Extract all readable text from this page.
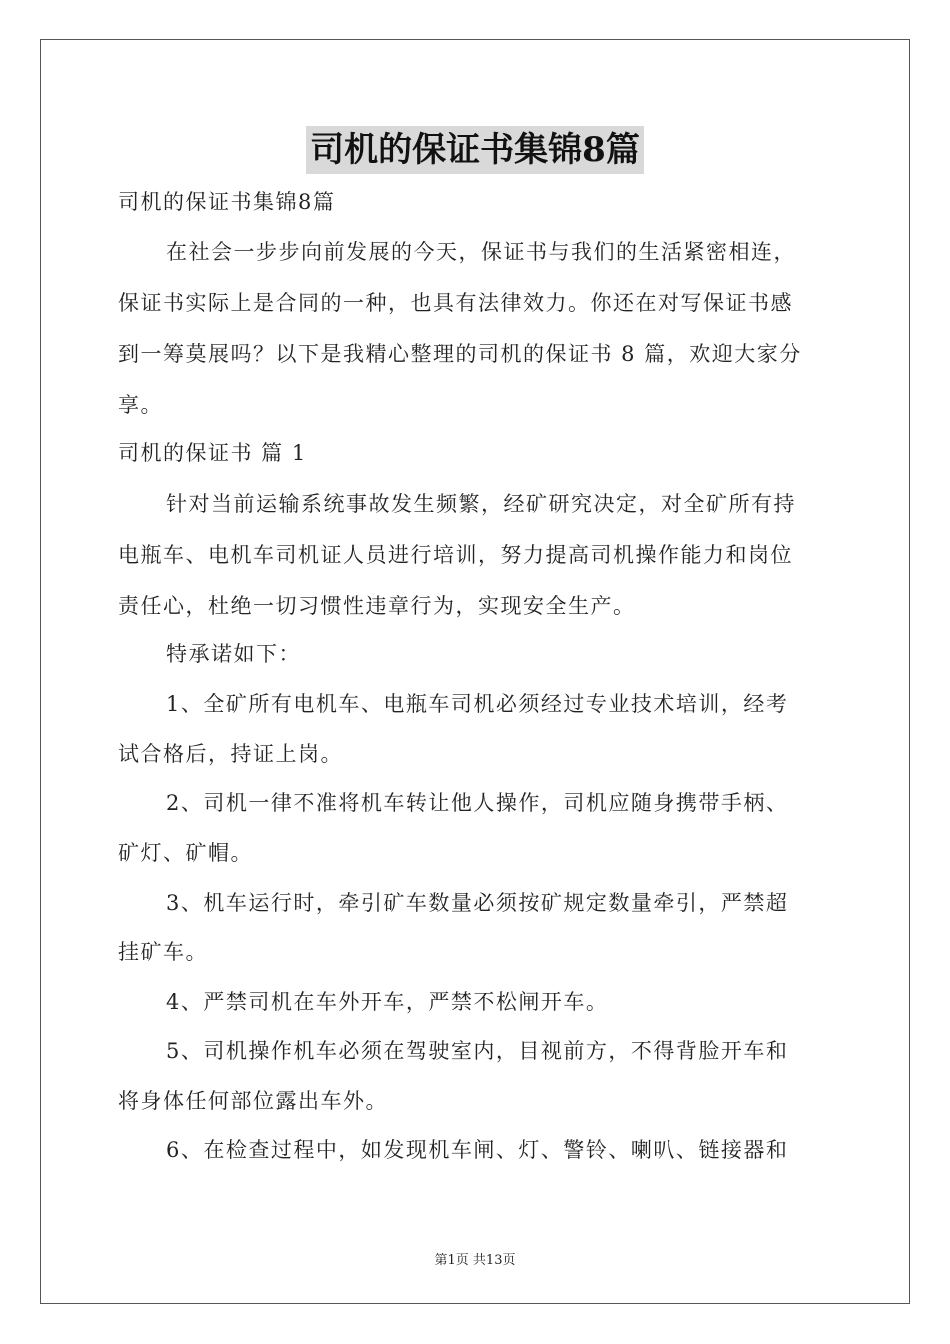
司机的保证书集锦8篇
司机的保证书集锦8篇
在社会一步步向前发展的今天，保证书与我们的生活紧密相连，
保证书实际上是合同的一种，也具有法律效力。你还在对写保证书感
到一筹莫展吗？以下是我精心整理的司机的保证书 8 篇，欢迎大家分
享。
司机的保证书 篇 1
针对当前运输系统事故发生频繁，经矿研究决定，对全矿所有持
电瓶车、电机车司机证人员进行培训，努力提高司机操作能力和岗位
责任心，杜绝一切习惯性违章行为，实现安全生产。
特承诺如下：
1、全矿所有电机车、电瓶车司机必须经过专业技术培训，经考
试合格后，持证上岗。
2、司机一律不准将机车转让他人操作，司机应随身携带手柄、
矿灯、矿帽。
3、机车运行时，牵引矿车数量必须按矿规定数量牵引，严禁超
挂矿车。
4、严禁司机在车外开车，严禁不松闸开车。
5、司机操作机车必须在驾驶室内，目视前方，不得背脸开车和
将身体任何部位露出车外。
6、在检查过程中，如发现机车闸、灯、警铃、喇叭、链接器和
第1页 共13页
